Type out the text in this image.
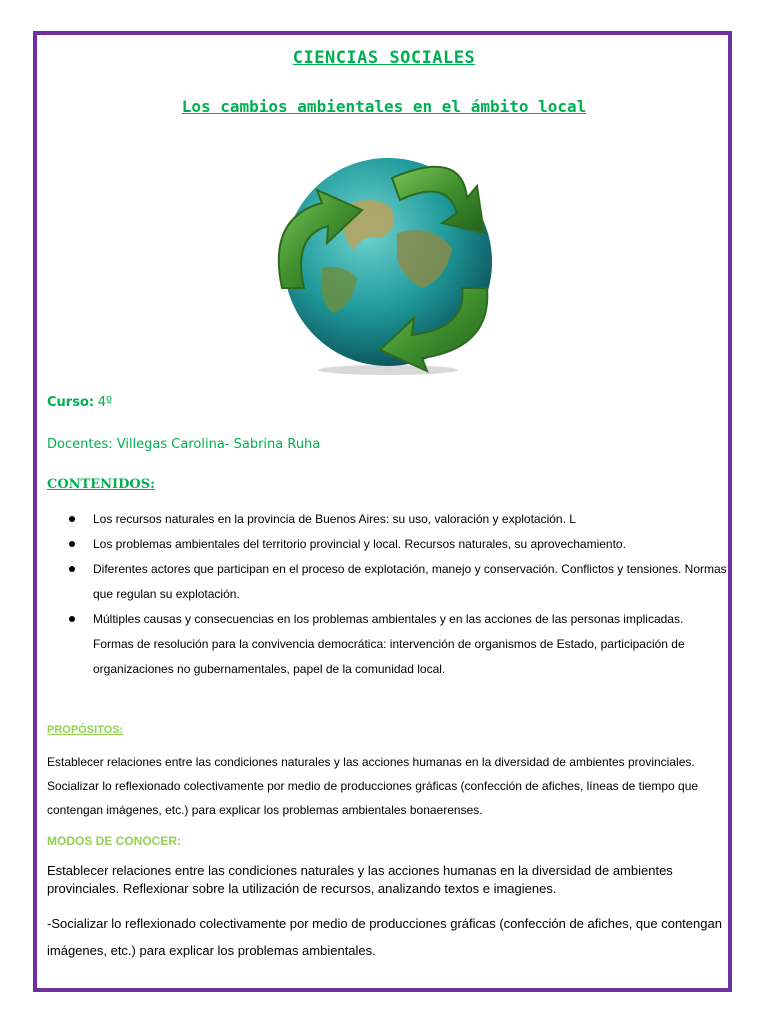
CIENCIAS SOCIALES
Los cambios ambientales en el ámbito local
Curso: 4º
Docentes: Villegas Carolina- Sabrina Ruha
CONTENIDOS:
Los recursos naturales en la provincia de Buenos Aires: su uso, valoración y explotación. L
Los problemas ambientales del territorio provincial y local. Recursos naturales, su aprovechamiento.
Diferentes actores que participan en el proceso de explotación, manejo y conservación. Conflictos y tensiones. Normas que regulan su explotación.
Múltiples causas y consecuencias en los problemas ambientales y en las acciones de las personas implicadas. Formas de resolución para la convivencia democrática: intervención de organismos de Estado, participación de organizaciones no gubernamentales, papel de la comunidad local.
PROPÓSITOS:

Establecer relaciones entre las condiciones naturales y las acciones humanas en la diversidad de ambientes provinciales. Socializar lo reflexionado colectivamente por medio de producciones gráficas (confección de afiches, líneas de tiempo que contengan imágenes, etc.) para explicar los problemas ambientales bonaerenses.

MODOS DE CONOCER:

Establecer relaciones entre las condiciones naturales y las acciones humanas en la diversidad de ambientes provinciales. Reflexionar sobre la utilización de recursos, analizando textos e imagienes.

-Socializar lo reflexionado colectivamente por medio de producciones gráficas (confección de afiches, que contengan imágenes, etc.) para explicar los problemas ambientales.
